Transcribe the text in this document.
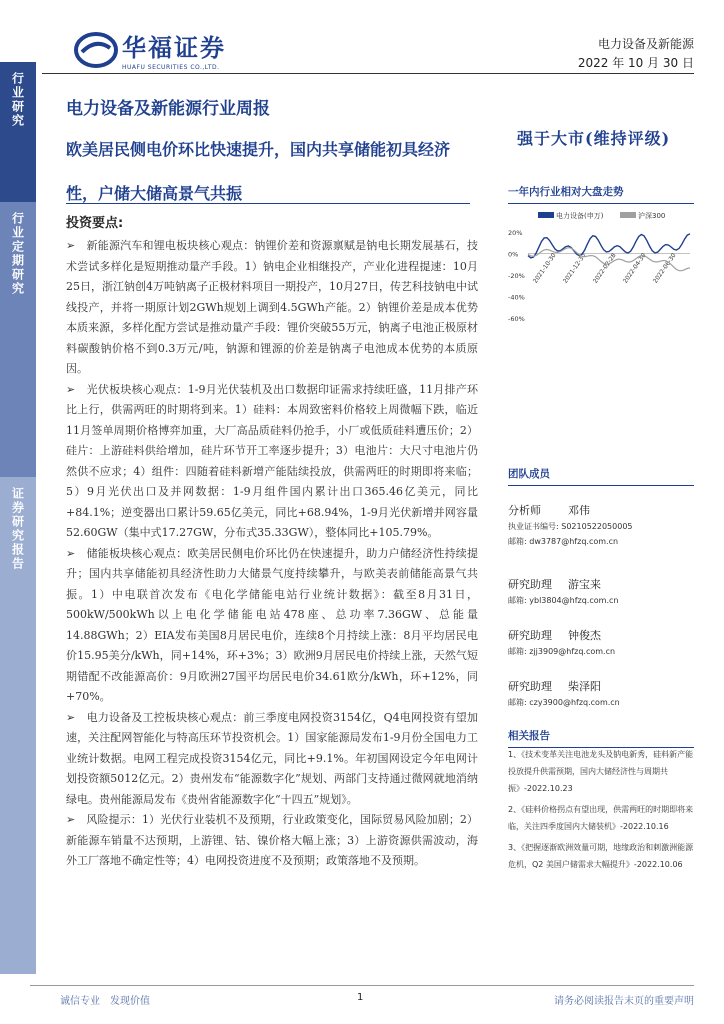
行业研究
行业定期研究
证券研究报告
华福证券
HUAFU SECURITIES CO.,LTD.
电力设备及新能源
2022 年 10 月 30 日
电力设备及新能源行业周报
欧美居民侧电价环比快速提升，国内共享储能初具经济性，户储大储高景气共振
强于大市(维持评级)
投资要点:

➢　新能源汽车和锂电板块核心观点：钠锂价差和资源禀赋是钠电长期发展基石，技术尝试多样化是短期推动量产手段。1）钠电企业相继投产，产业化进程提速：10月25日，浙江钠创4万吨钠离子正极材料项目一期投产，10月27日，传艺科技钠电中试线投产，并将一期原计划2GWh规划上调到4.5GWh产能。2）钠锂价差是成本优势本质来源，多样化配方尝试是推动量产手段：锂价突破55万元，钠离子电池正极原材料碳酸钠价格不到0.3万元/吨，钠源和锂源的价差是钠离子电池成本优势的本质原因。

➢　光伏板块核心观点：1-9月光伏装机及出口数据印证需求持续旺盛，11月排产环比上行，供需两旺的时期将到来。1）硅料：本周致密料价格较上周微幅下跌，临近11月签单周期价格博弈加重，大厂高品质硅料仍抢手，小厂或低质硅料遭压价；2）硅片：上游硅料供给增加，硅片环节开工率逐步提升；3）电池片：大尺寸电池片仍然供不应求；4）组件：四随着硅料新增产能陆续投放，供需两旺的时期即将来临；5）9月光伏出口及并网数据：1-9月组件国内累计出口365.46亿美元，同比+84.1%；逆变器出口累计59.65亿美元，同比+68.94%，1-9月光伏新增并网容量52.60GW（集中式17.27GW，分布式35.33GW），整体同比+105.79%。

➢　储能板块核心观点：欧美居民侧电价环比仍在快速提升，助力户储经济性持续提升；国内共享储能初具经济性助力大储景气度持续攀升，与欧美表前储能高景气共振。1）中电联首次发布《电化学储能电站行业统计数据》：截至8月31日，500kW/500kWh以上电化学储能电站478座、总功率7.36GW、总能量14.88GWh；2）EIA发布美国8月居民电价，连续8个月持续上涨：8月平均居民电价15.95美分/kWh，同+14%，环+3%；3）欧洲9月居民电价持续上涨，天然气短期错配不改能源高价：9月欧洲27国平均居民电价34.61欧分/kWh，环+12%，同+70%。

➢　电力设备及工控板块核心观点：前三季度电网投资3154亿，Q4电网投资有望加速，关注配网智能化与特高压环节投资机会。1）国家能源局发布1-9月份全国电力工业统计数据。电网工程完成投资3154亿元，同比+9.1%。年初国网设定今年电网计划投资额5012亿元。2）贵州发布“能源数字化”规划、两部门支持通过微网就地消纳绿电。贵州能源局发布《贵州省能源数字化“十四五”规划》。

➢　风险提示：1）光伏行业装机不及预期，行业政策变化，国际贸易风险加剧；2）新能源车销量不达预期，上游锂、钴、镍价格大幅上涨；3）上游资源供需波动，海外工厂落地不确定性等；4）电网投资进度不及预期；政策落地不及预期。

一年内行业相对大盘走势
电力设备(申万)	沪深300
20%
0%
-20%
-40%
-60%
2021-10-30 2021-12-30 2022-02-28 2022-04-30 2022-06-30
团队成员
分析师	邓伟
执业证书编号: S0210522050005
邮箱: dw3787@hfzq.com.cn
研究助理	游宝来
邮箱: ybl3804@hfzq.com.cn
研究助理	钟俊杰
邮箱: zjj3909@hfzq.com.cn
研究助理	柴泽阳
邮箱: czy3900@hfzq.com.cn
相关报告
1、《技术变革关注电池龙头及钠电新秀，硅料新产能投放提升供需预期，国内大储经济性与周期共振》-2022.10.23
2、《硅料价格拐点有望出现，供需两旺的时期即将来临，关注四季度国内大储装机》-2022.10.16
3、《把握逐渐欧洲效量可期，地缘政治和刺激洲能源危机，Q2 美国户储需求大幅提升》-2022.10.06
诚信专业　发现价值	1	请务必阅读报告末页的重要声明
